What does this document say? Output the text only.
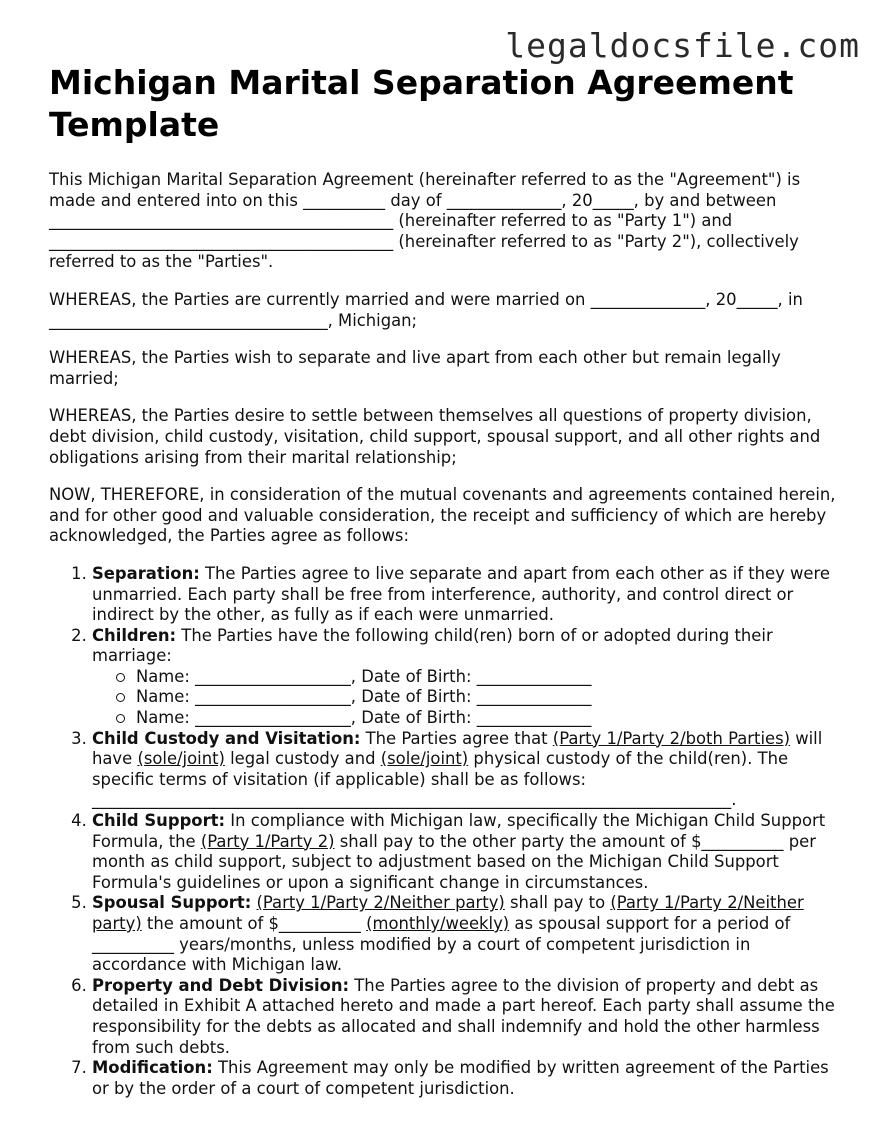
legaldocsfile.com
Michigan Marital Separation Agreement Template

This Michigan Marital Separation Agreement (hereinafter referred to as the "Agreement") is made and entered into on this __________ day of ______________, 20_____, by and between __________________________________________ (hereinafter referred to as "Party 1") and __________________________________________ (hereinafter referred to as "Party 2"), collectively referred to as the "Parties".

WHEREAS, the Parties are currently married and were married on ______________, 20_____, in __________________________________, Michigan;

WHEREAS, the Parties wish to separate and live apart from each other but remain legally married;

WHEREAS, the Parties desire to settle between themselves all questions of property division, debt division, child custody, visitation, child support, spousal support, and all other rights and obligations arising from their marital relationship;

NOW, THEREFORE, in consideration of the mutual covenants and agreements contained herein, and for other good and valuable consideration, the receipt and sufficiency of which are hereby acknowledged, the Parties agree as follows:

1. Separation: The Parties agree to live separate and apart from each other as if they were unmarried. Each party shall be free from interference, authority, and control direct or indirect by the other, as fully as if each were unmarried.
2. Children: The Parties have the following child(ren) born of or adopted during their marriage:
Name: ___________________, Date of Birth: ______________
Name: ___________________, Date of Birth: ______________
Name: ___________________, Date of Birth: ______________
3. Child Custody and Visitation: The Parties agree that (Party 1/Party 2/both Parties) will have (sole/joint) legal custody and (sole/joint) physical custody of the child(ren). The specific terms of visitation (if applicable) shall be as follows: ______________________________________________________________________________.
4. Child Support: In compliance with Michigan law, specifically the Michigan Child Support Formula, the (Party 1/Party 2) shall pay to the other party the amount of $__________ per month as child support, subject to adjustment based on the Michigan Child Support Formula's guidelines or upon a significant change in circumstances.
5. Spousal Support: (Party 1/Party 2/Neither party) shall pay to (Party 1/Party 2/Neither party) the amount of $__________ (monthly/weekly) as spousal support for a period of __________ years/months, unless modified by a court of competent jurisdiction in accordance with Michigan law.
6. Property and Debt Division: The Parties agree to the division of property and debt as detailed in Exhibit A attached hereto and made a part hereof. Each party shall assume the responsibility for the debts as allocated and shall indemnify and hold the other harmless from such debts.
7. Modification: This Agreement may only be modified by written agreement of the Parties or by the order of a court of competent jurisdiction.
